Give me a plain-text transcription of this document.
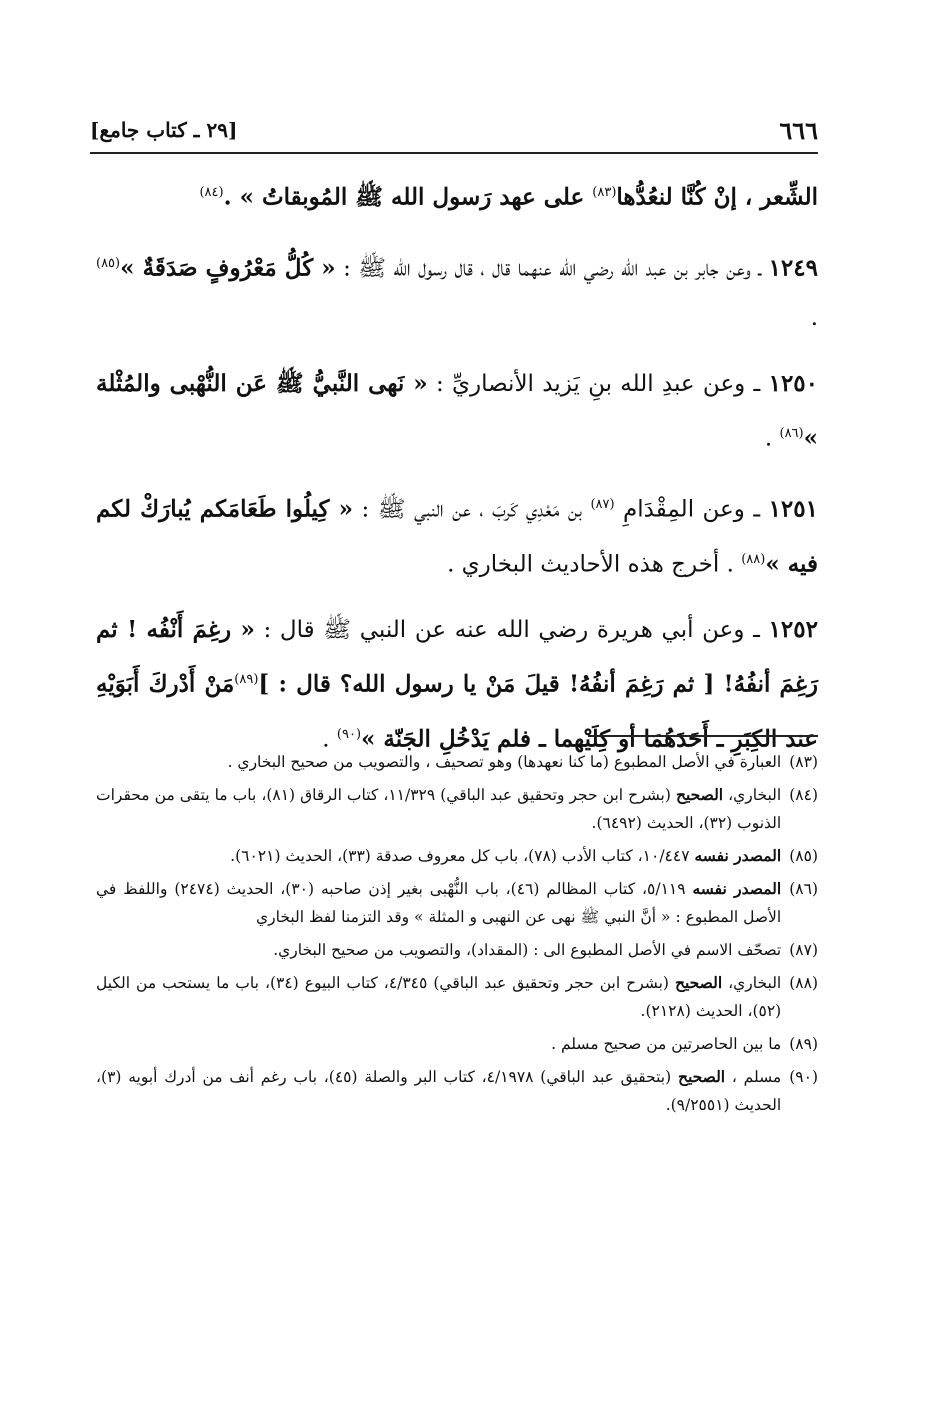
٦٦٦
[٢٩ ـ كتاب جامع]

الشِّعر ، إنْ كُنَّا لنعُدُّها$^{(٨٣)}$ على عهد رَسول الله ﷺ المُوبقاتُ » .$^{(٨٤)}$

١٢٤٩ ـ وعن جابر بن عبد الله رضي الله عنهما قال ، قال رسول الله ﷺ : « كُلُّ مَعْرُوفٍ صَدَقَةٌ »$^{(٨٥)}$ .

١٢٥٠ ـ وعن عبدِ الله بنِ يَزيد الأنصاريِّ : « نَهى النَّبيُّ ﷺ عَن النُّهْبى والمُثْلة »$^{(٨٦)}$ .

١٢٥١ ـ وعن المِقْدَامِ $^{(٨٧)}$ بن مَعْدِي كَربَ ، عن النبي ﷺ : « كِيلُوا طَعَامَكم يُبارَكْ لكم فيه »$^{(٨٨)}$ . أخرج هذه الأحاديث البخاري .

١٢٥٢ ـ وعن أبي هريرة رضي الله عنه عن النبي ﷺ قال : « رغِمَ أَنْفُه ! ثم رَغِمَ أنفُهُ! [ ثم رَغِمَ أنفُهُ! قيلَ مَنْ يا رسول الله؟ قال : ]$^{(٨٩)}$مَنْ أَدْركَ أَبَوَيْهِ عند الكِبَرِ ـ أَحَدَهُمَا أو كِلَيْهما ـ فلم يَدْخُلِ الجَنّة »$^{(٩٠)}$ .

(٨٣)
العبارة في الأصل المطبوع (ما كنا نعهدها) وهو تصحيف ، والتصويب من صحيح البخاري .
(٨٤)
البخاري، الصحيح (بشرح ابن حجر وتحقيق عبد الباقي) ١١/٣٢٩، كتاب الرقاق (٨١)، باب ما يتقى من محقرات الذنوب (٣٢)، الحديث (٦٤٩٢).
(٨٥)
المصدر نفسه ١٠/٤٤٧، كتاب الأدب (٧٨)، باب كل معروف صدقة (٣٣)، الحديث (٦٠٢١).
(٨٦)
المصدر نفسه ٥/١١٩، كتاب المظالم (٤٦)، باب النُّهْبى بغير إذن صاحبه (٣٠)، الحديث (٢٤٧٤) واللفظ في الأصل المطبوع : « أنَّ النبي ﷺ نهى عن النهبى و المثلة » وقد التزمنا لفظ البخاري
(٨٧)
تصحّف الاسم في الأصل المطبوع الى : (المقداد)، والتصويب من صحيح البخاري.
(٨٨)
البخاري، الصحيح (بشرح ابن حجر وتحقيق عبد الباقي) ٤/٣٤٥، كتاب البيوع (٣٤)، باب ما يستحب من الكيل (٥٢)، الحديث (٢١٢٨).
(٨٩)
ما بين الحاصرتين من صحيح مسلم .
(٩٠)
مسلم ، الصحيح (بتحقيق عبد الباقي) ٤/١٩٧٨، كتاب البر والصلة (٤٥)، باب رغم أنف من أدرك أبويه (٣)، الحديث (٩/٢٥٥١).
